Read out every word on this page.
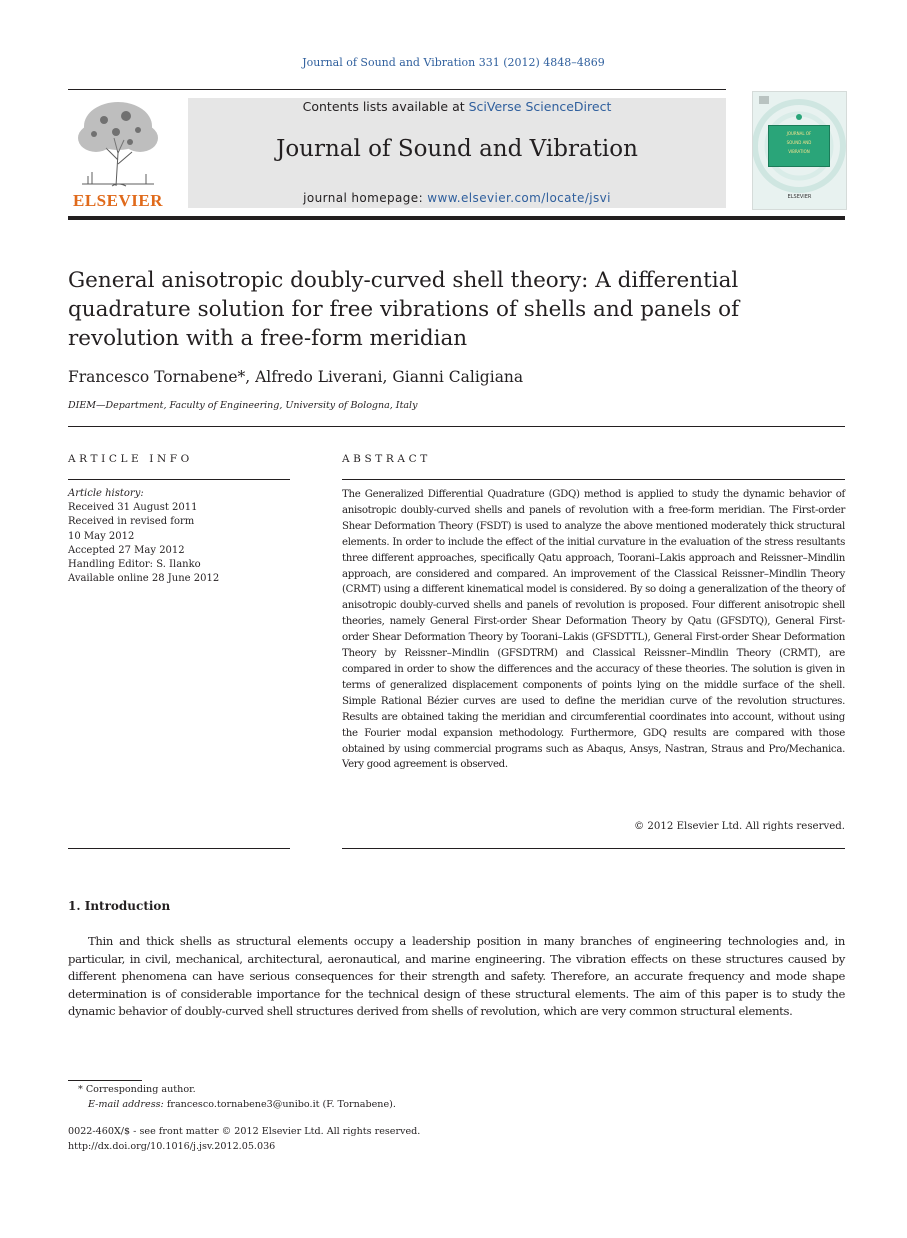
Journal of Sound and Vibration 331 (2012) 4848–4869
ELSEVIER
Contents lists available at SciVerse ScienceDirect
Journal of Sound and Vibration
journal homepage: www.elsevier.com/locate/jsvi
JOURNAL OF
SOUND AND
VIBRATION
ELSEVIER
General anisotropic doubly-curved shell theory: A differential quadrature solution for free vibrations of shells and panels of revolution with a free-form meridian
Francesco Tornabene*, Alfredo Liverani, Gianni Caligiana
DIEM—Department, Faculty of Engineering, University of Bologna, Italy
ARTICLE INFO
Article history:
Received 31 August 2011
Received in revised form
10 May 2012
Accepted 27 May 2012
Handling Editor: S. Ilanko
Available online 28 June 2012
ABSTRACT
The Generalized Differential Quadrature (GDQ) method is applied to study the dynamic behavior of anisotropic doubly-curved shells and panels of revolution with a free-form meridian. The First-order Shear Deformation Theory (FSDT) is used to analyze the above mentioned moderately thick structural elements. In order to include the effect of the initial curvature in the evaluation of the stress resultants three different approaches, specifically Qatu approach, Toorani–Lakis approach and Reissner–Mindlin approach, are considered and compared. An improvement of the Classical Reissner–Mindlin Theory (CRMT) using a different kinematical model is considered. By so doing a generalization of the theory of anisotropic doubly-curved shells and panels of revolution is proposed. Four different anisotropic shell theories, namely General First-order Shear Deformation Theory by Qatu (GFSDTQ), General First-order Shear Deformation Theory by Toorani–Lakis (GFSDTTL), General First-order Shear Deformation Theory by Reissner–Mindlin (GFSDTRM) and Classical Reissner–Mindlin Theory (CRMT), are compared in order to show the differences and the accuracy of these theories. The solution is given in terms of generalized displacement components of points lying on the middle surface of the shell. Simple Rational Bézier curves are used to define the meridian curve of the revolution structures. Results are obtained taking the meridian and circumferential coordinates into account, without using the Fourier modal expansion methodology. Furthermore, GDQ results are compared with those obtained by using commercial programs such as Abaqus, Ansys, Nastran, Straus and Pro/Mechanica. Very good agreement is observed.
© 2012 Elsevier Ltd. All rights reserved.
1. Introduction
Thin and thick shells as structural elements occupy a leadership position in many branches of engineering technologies and, in particular, in civil, mechanical, architectural, aeronautical, and marine engineering. The vibration effects on these structures caused by different phenomena can have serious consequences for their strength and safety. Therefore, an accurate frequency and mode shape determination is of considerable importance for the technical design of these structural elements. The aim of this paper is to study the dynamic behavior of doubly-curved shell structures derived from shells of revolution, which are very common structural elements.
* Corresponding author.
E-mail address: francesco.tornabene3@unibo.it (F. Tornabene).
0022-460X/$ - see front matter © 2012 Elsevier Ltd. All rights reserved.
http://dx.doi.org/10.1016/j.jsv.2012.05.036
